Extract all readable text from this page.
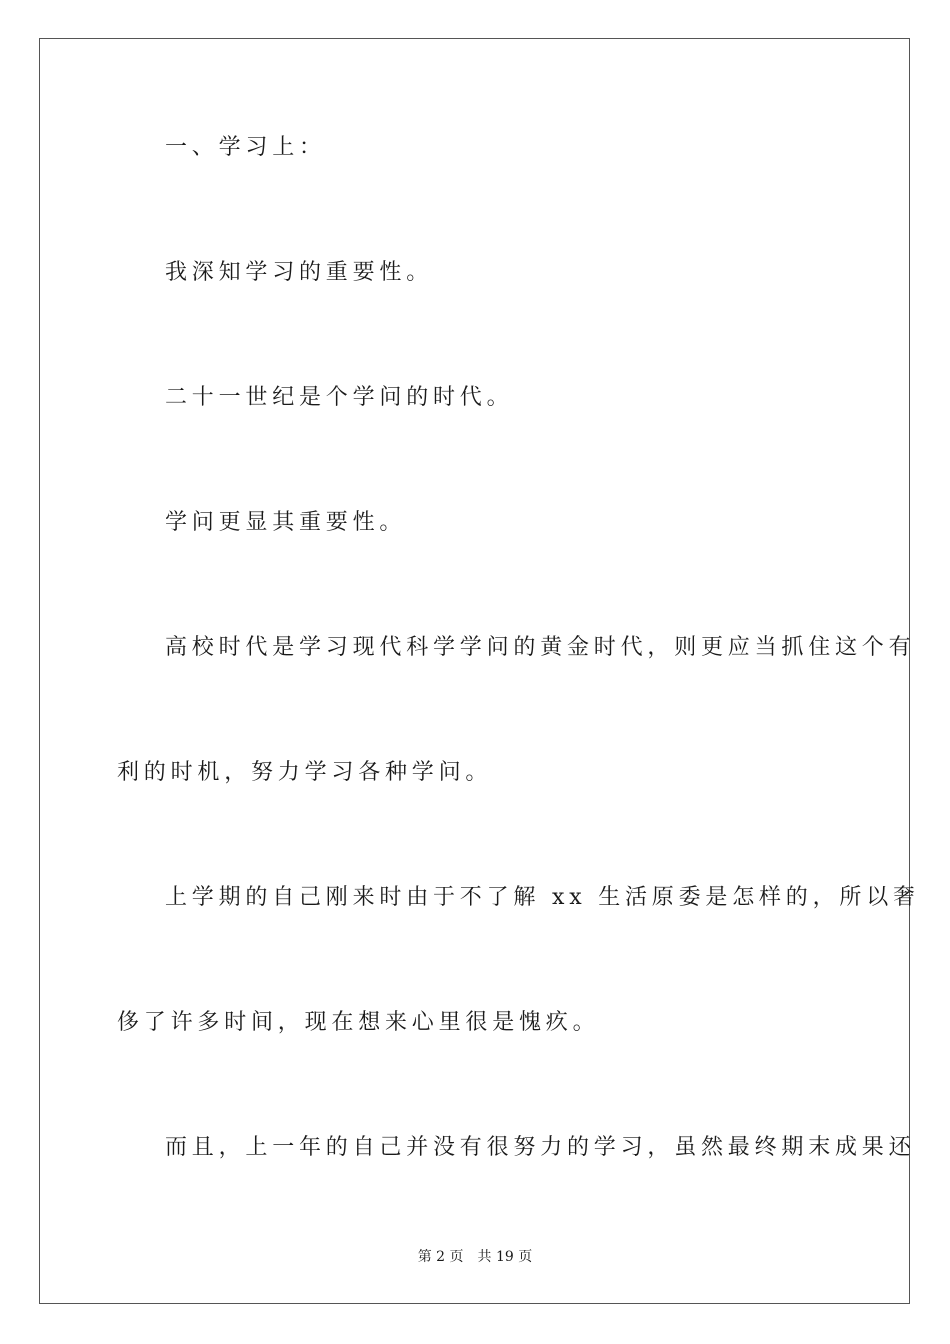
一、学习上：
我深知学习的重要性。
二十一世纪是个学问的时代。
学问更显其重要性。
高校时代是学习现代科学学问的黄金时代，则更应当抓住这个有
利的时机，努力学习各种学问。
上学期的自己刚来时由于不了解 xx 生活原委是怎样的，所以奢
侈了许多时间，现在想来心里很是愧疚。
而且，上一年的自己并没有很努力的学习，虽然最终期末成果还
第 2 页 共 19 页
